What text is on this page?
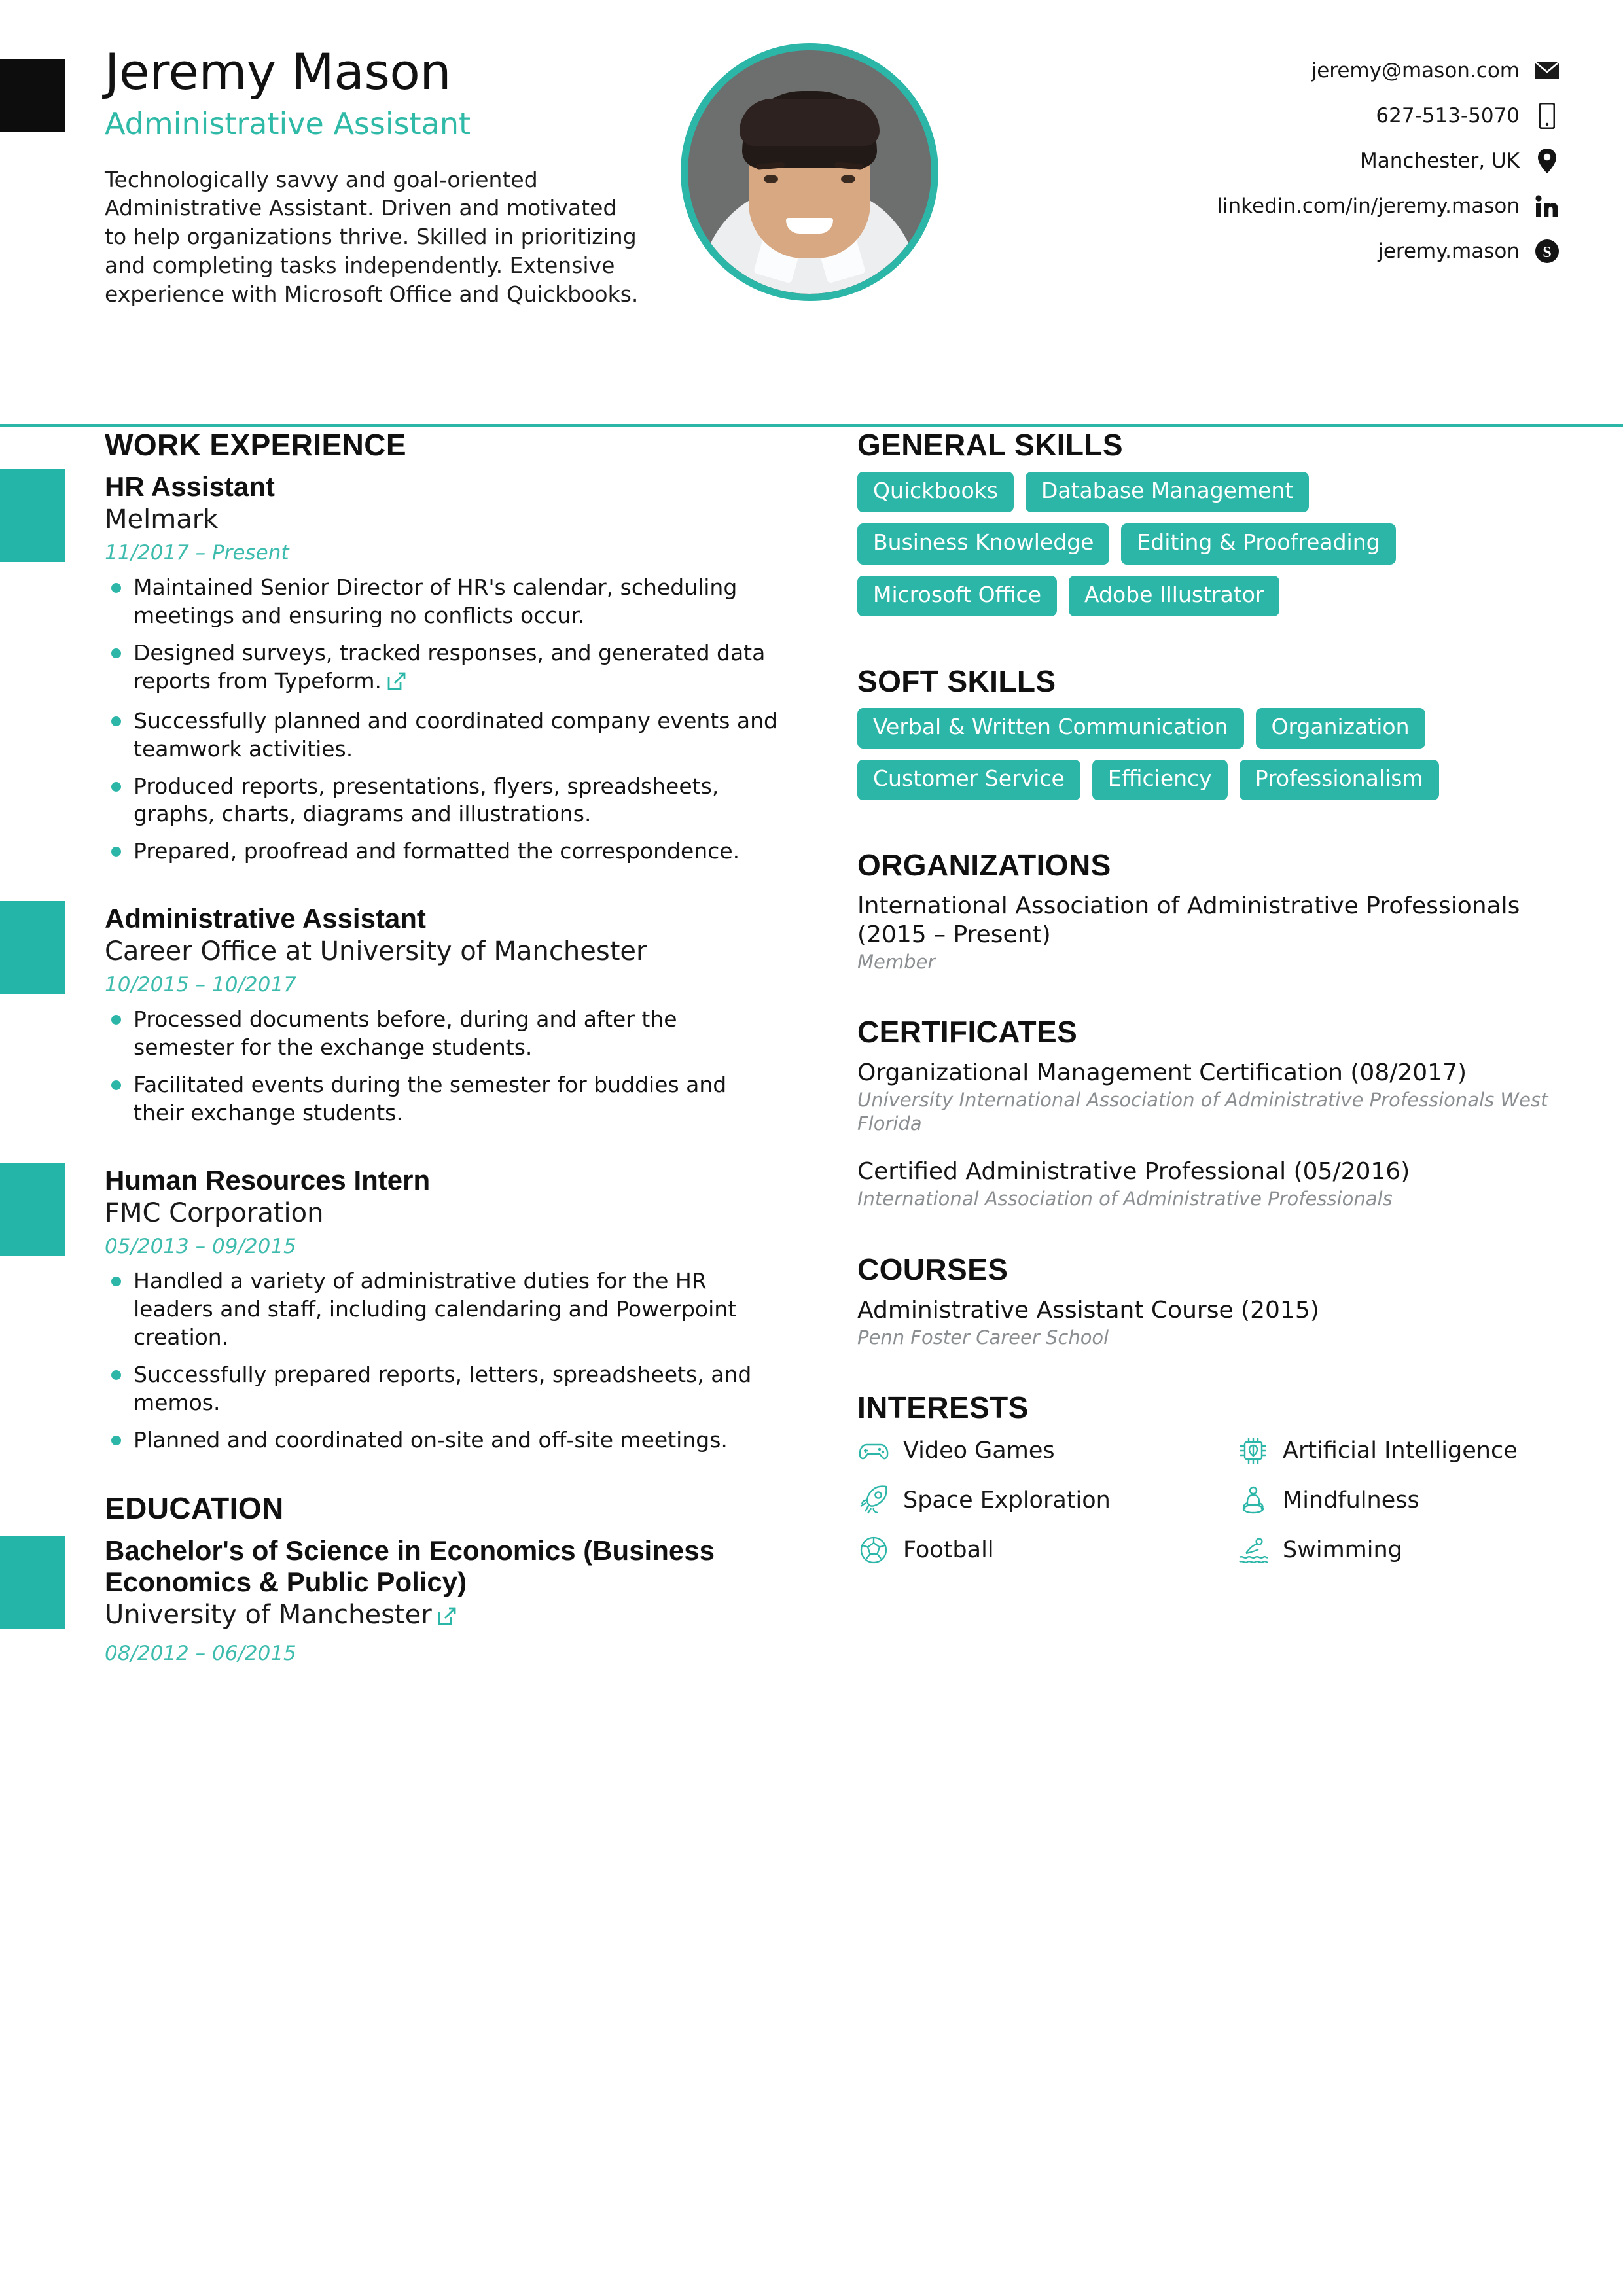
Jeremy Mason
Administrative Assistant
Technologically savvy and goal-oriented Administrative Assistant. Driven and motivated to help organizations thrive. Skilled in prioritizing and completing tasks independently. Extensive experience with Microsoft Office and Quickbooks.
jeremy@mason.com
627-513-5070
Manchester, UK
linkedin.com/in/jeremy.mason
jeremy.mason S
WORK EXPERIENCE
HR Assistant
Melmark
11/2017 – Present
Maintained Senior Director of HR's calendar, scheduling meetings and ensuring no conflicts occur.
Designed surveys, tracked responses, and generated data reports from Typeform.
Successfully planned and coordinated company events and teamwork activities.
Produced reports, presentations, flyers, spreadsheets, graphs, charts, diagrams and illustrations.
Prepared, proofread and formatted the correspondence.
Administrative Assistant
Career Office at University of Manchester
10/2015 – 10/2017
Processed documents before, during and after the semester for the exchange students.
Facilitated events during the semester for buddies and their exchange students.
Human Resources Intern
FMC Corporation
05/2013 – 09/2015
Handled a variety of administrative duties for the HR leaders and staff, including calendaring and Powerpoint creation.
Successfully prepared reports, letters, spreadsheets, and memos.
Planned and coordinated on-site and off-site meetings.
EDUCATION
Bachelor's of Science in Economics (Business Economics & Public Policy)
University of Manchester
08/2012 – 06/2015
GENERAL SKILLS
Quickbooks	Database Management
Business Knowledge	Editing & Proofreading
Microsoft Office	Adobe Illustrator
SOFT SKILLS
Verbal & Written Communication	Organization
Customer Service	Efficiency	Professionalism
ORGANIZATIONS
International Association of Administrative Professionals (2015 – Present)
Member
CERTIFICATES
Organizational Management Certification (08/2017)
University International Association of Administrative Professionals West Florida
Certified Administrative Professional (05/2016)
International Association of Administrative Professionals
COURSES
Administrative Assistant Course (2015)
Penn Foster Career School
INTERESTS
Video Games	Artificial Intelligence
Space Exploration	Mindfulness
Football	Swimming
